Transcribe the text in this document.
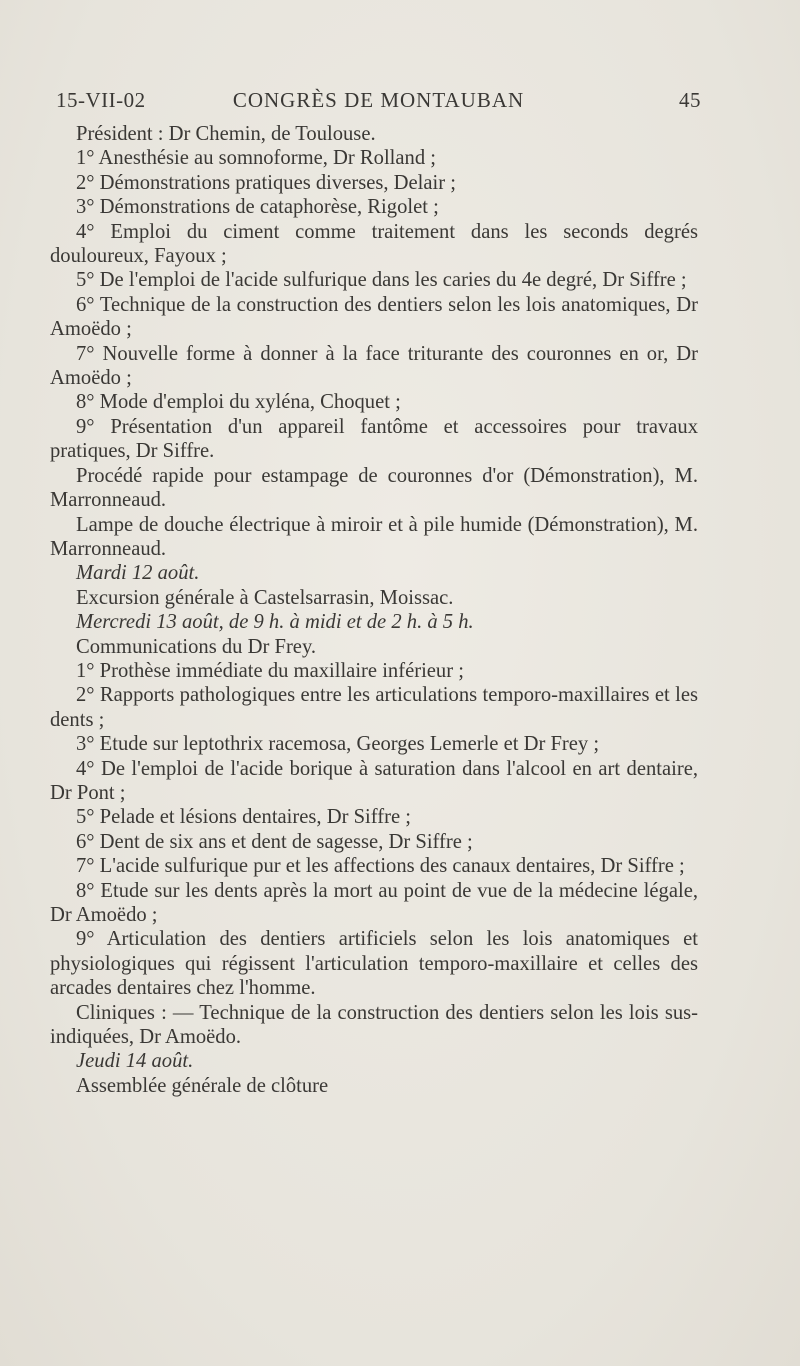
15-VII-02	CONGRÈS DE MONTAUBAN	45

Président : Dr Chemin, de Toulouse.

1° Anesthésie au somnoforme, Dr Rolland ;

2° Démonstrations pratiques diverses, Delair ;

3° Démonstrations de cataphorèse, Rigolet ;

4° Emploi du ciment comme traitement dans les seconds degrés douloureux, Fayoux ;

5° De l'emploi de l'acide sulfurique dans les caries du 4e degré, Dr Siffre ;

6° Technique de la construction des dentiers selon les lois anatomiques, Dr Amoëdo ;

7° Nouvelle forme à donner à la face triturante des couronnes en or, Dr Amoëdo ;

8° Mode d'emploi du xyléna, Choquet ;

9° Présentation d'un appareil fantôme et accessoires pour travaux pratiques, Dr Siffre.

Procédé rapide pour estampage de couronnes d'or (Démonstration), M. Marronneaud.

Lampe de douche électrique à miroir et à pile humide (Démonstration), M. Marronneaud.

Mardi 12 août.

Excursion générale à Castelsarrasin, Moissac.

Mercredi 13 août, de 9 h. à midi et de 2 h. à 5 h.

Communications du Dr Frey.

1° Prothèse immédiate du maxillaire inférieur ;

2° Rapports pathologiques entre les articulations temporo-maxillaires et les dents ;

3° Etude sur leptothrix racemosa, Georges Lemerle et Dr Frey ;

4° De l'emploi de l'acide borique à saturation dans l'alcool en art dentaire, Dr Pont ;

5° Pelade et lésions dentaires, Dr Siffre ;

6° Dent de six ans et dent de sagesse, Dr Siffre ;

7° L'acide sulfurique pur et les affections des canaux dentaires, Dr Siffre ;

8° Etude sur les dents après la mort au point de vue de la médecine légale, Dr Amoëdo ;

9° Articulation des dentiers artificiels selon les lois anatomiques et physiologiques qui régissent l'articulation temporo-maxillaire et celles des arcades dentaires chez l'homme.

Cliniques : — Technique de la construction des dentiers selon les lois sus-indiquées, Dr Amoëdo.

Jeudi 14 août.

Assemblée générale de clôture
